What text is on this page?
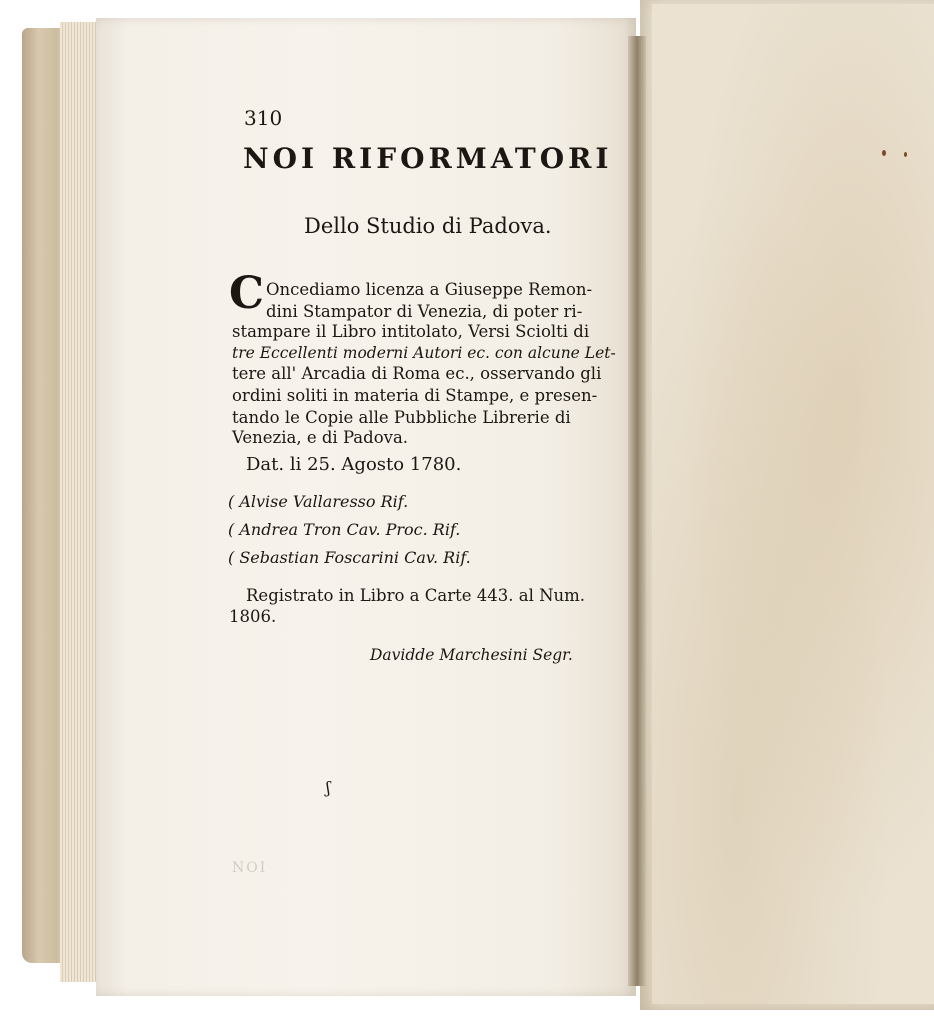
310
NOI RIFORMATORI
Dello Studio di Padova.
C Oncediamo licenza a Giuseppe Remon-
dini Stampator di Venezia, di poter ri-
stampare il Libro intitolato, Versi Sciolti di
tre Eccellenti moderni Autori ec. con alcune Let-
tere all' Arcadia di Roma ec., osservando gli
ordini soliti in materia di Stampe, e presen-
tando le Copie alle Pubbliche Librerie di
Venezia, e di Padova.
Dat. li 25. Agosto 1780.
( Alvise Vallaresso Rif.
( Andrea Tron Cav. Proc. Rif.
( Sebastian Foscarini Cav. Rif.
Registrato in Libro a Carte 443. al Num.
1806.
Davidde Marchesini Segr.
ʃ
NOI
